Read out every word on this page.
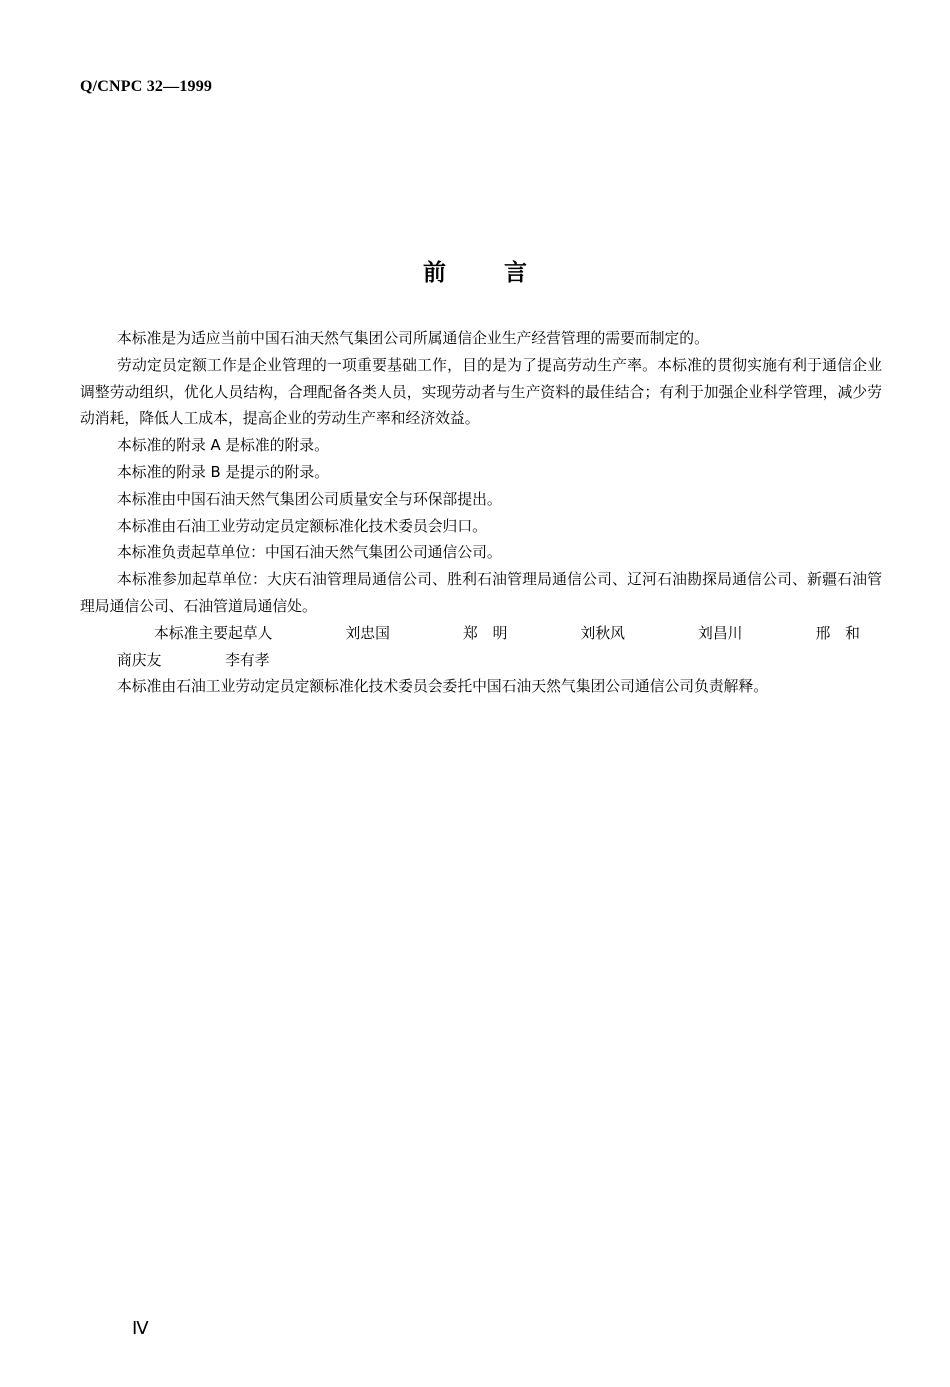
Q/CNPC 32—1999
前	言

本标准是为适应当前中国石油天然气集团公司所属通信企业生产经营管理的需要而制定的。

劳动定员定额工作是企业管理的一项重要基础工作，目的是为了提高劳动生产率。本标准的贯彻实施有利于通信企业调整劳动组织，优化人员结构，合理配备各类人员，实现劳动者与生产资料的最佳结合；有利于加强企业科学管理，减少劳动消耗，降低人工成本，提高企业的劳动生产率和经济效益。

本标准的附录 A 是标准的附录。

本标准的附录 B 是提示的附录。

本标准由中国石油天然气集团公司质量安全与环保部提出。

本标准由石油工业劳动定员定额标准化技术委员会归口。

本标准负责起草单位：中国石油天然气集团公司通信公司。

本标准参加起草单位：大庆石油管理局通信公司、胜利石油管理局通信公司、辽河石油勘探局通信公司、新疆石油管理局通信公司、石油管道局通信处。

本标准主要起草人	刘忠国	郑　明	刘秋风	刘昌川	邢　和 商庆友	李有孝

本标准由石油工业劳动定员定额标准化技术委员会委托中国石油天然气集团公司通信公司负责解释。

Ⅳ
